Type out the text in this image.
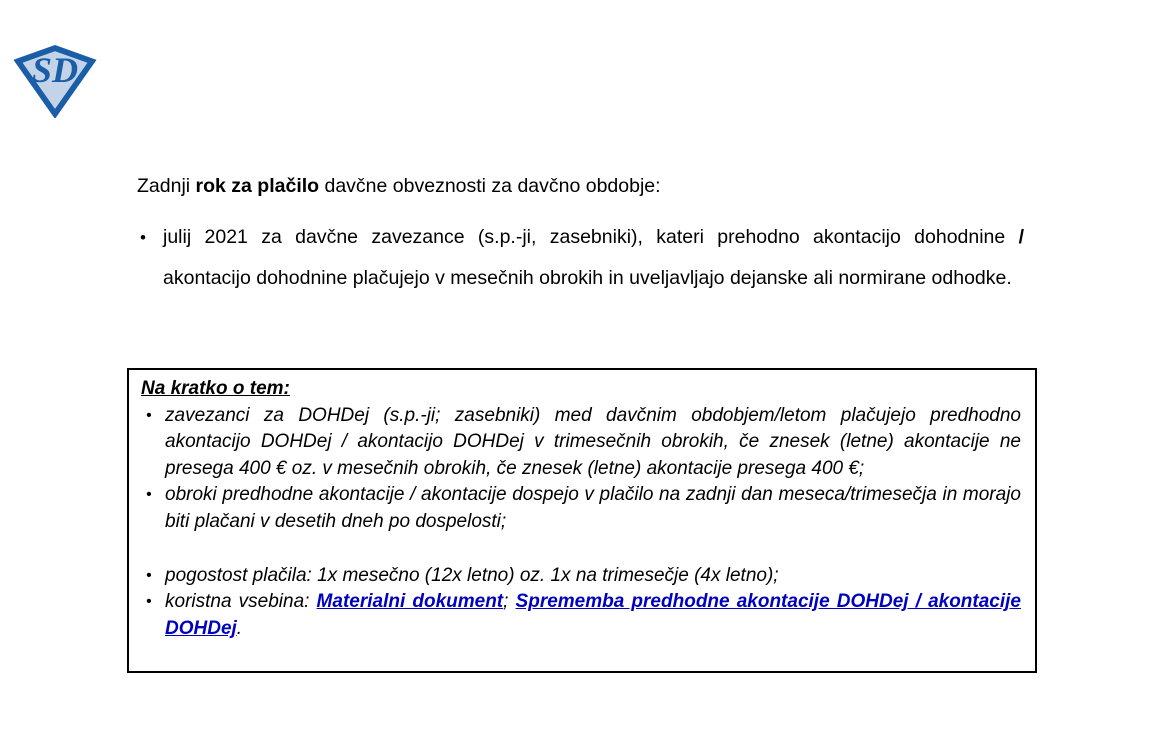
SD
Zadnji rok za plačilo davčne obveznosti za davčno obdobje:
• julij 2021 za davčne zavezance (s.p.-ji, zasebniki), kateri prehodno akontacijo dohodnine / akontacijo dohodnine plačujejo v mesečnih obrokih in uveljavljajo dejanske ali normirane odhodke.
Na kratko o tem:
• zavezanci za DOHDej (s.p.-ji; zasebniki) med davčnim obdobjem/letom plačujejo predhodno akontacijo DOHDej / akontacijo DOHDej v trimesečnih obrokih, če znesek (letne) akontacije ne presega 400 € oz. v mesečnih obrokih, če znesek (letne) akontacije presega 400 €;
• obroki predhodne akontacije / akontacije dospejo v plačilo na zadnji dan meseca/trimesečja in morajo biti plačani v desetih dneh po dospelosti;
• pogostost plačila: 1x mesečno (12x letno) oz. 1x na trimesečje (4x letno);
• koristna vsebina: Materialni dokument; Sprememba predhodne akontacije DOHDej / akontacije DOHDej.
